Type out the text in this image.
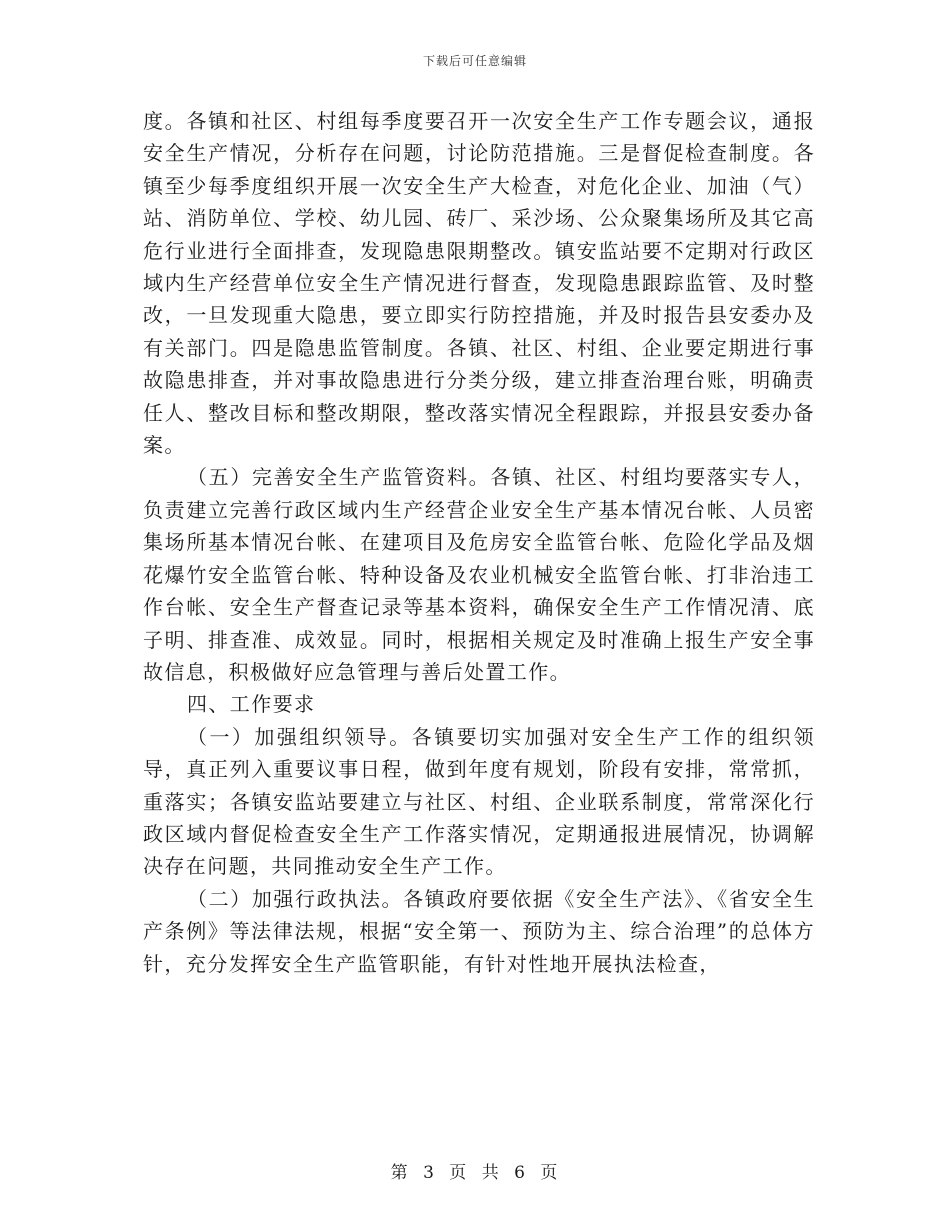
下载后可任意编辑

度。各镇和社区、村组每季度要召开一次安全生产工作专题会议，通报安全生产情况，分析存在问题，讨论防范措施。三是督促检查制度。各镇至少每季度组织开展一次安全生产大检查，对危化企业、加油（气）站、消防单位、学校、幼儿园、砖厂、采沙场、公众聚集场所及其它高危行业进行全面排查，发现隐患限期整改。镇安监站要不定期对行政区域内生产经营单位安全生产情况进行督查，发现隐患跟踪监管、及时整改，一旦发现重大隐患，要立即实行防控措施，并及时报告县安委办及有关部门。四是隐患监管制度。各镇、社区、村组、企业要定期进行事故隐患排查，并对事故隐患进行分类分级，建立排查治理台账，明确责任人、整改目标和整改期限，整改落实情况全程跟踪，并报县安委办备案。

（五）完善安全生产监管资料。各镇、社区、村组均要落实专人，负责建立完善行政区域内生产经营企业安全生产基本情况台帐、人员密集场所基本情况台帐、在建项目及危房安全监管台帐、危险化学品及烟花爆竹安全监管台帐、特种设备及农业机械安全监管台帐、打非治违工作台帐、安全生产督查记录等基本资料，确保安全生产工作情况清、底子明、排查准、成效显。同时，根据相关规定及时准确上报生产安全事故信息，积极做好应急管理与善后处置工作。

四、工作要求

（一）加强组织领导。各镇要切实加强对安全生产工作的组织领导，真正列入重要议事日程，做到年度有规划，阶段有安排，常常抓，重落实；各镇安监站要建立与社区、村组、企业联系制度，常常深化行政区域内督促检查安全生产工作落实情况，定期通报进展情况，协调解决存在问题，共同推动安全生产工作。

（二）加强行政执法。各镇政府要依据《安全生产法》、《省安全生产条例》等法律法规，根据“安全第一、预防为主、综合治理”的总体方针，充分发挥安全生产监管职能，有针对性地开展执法检查，

第 3 页 共 6 页
